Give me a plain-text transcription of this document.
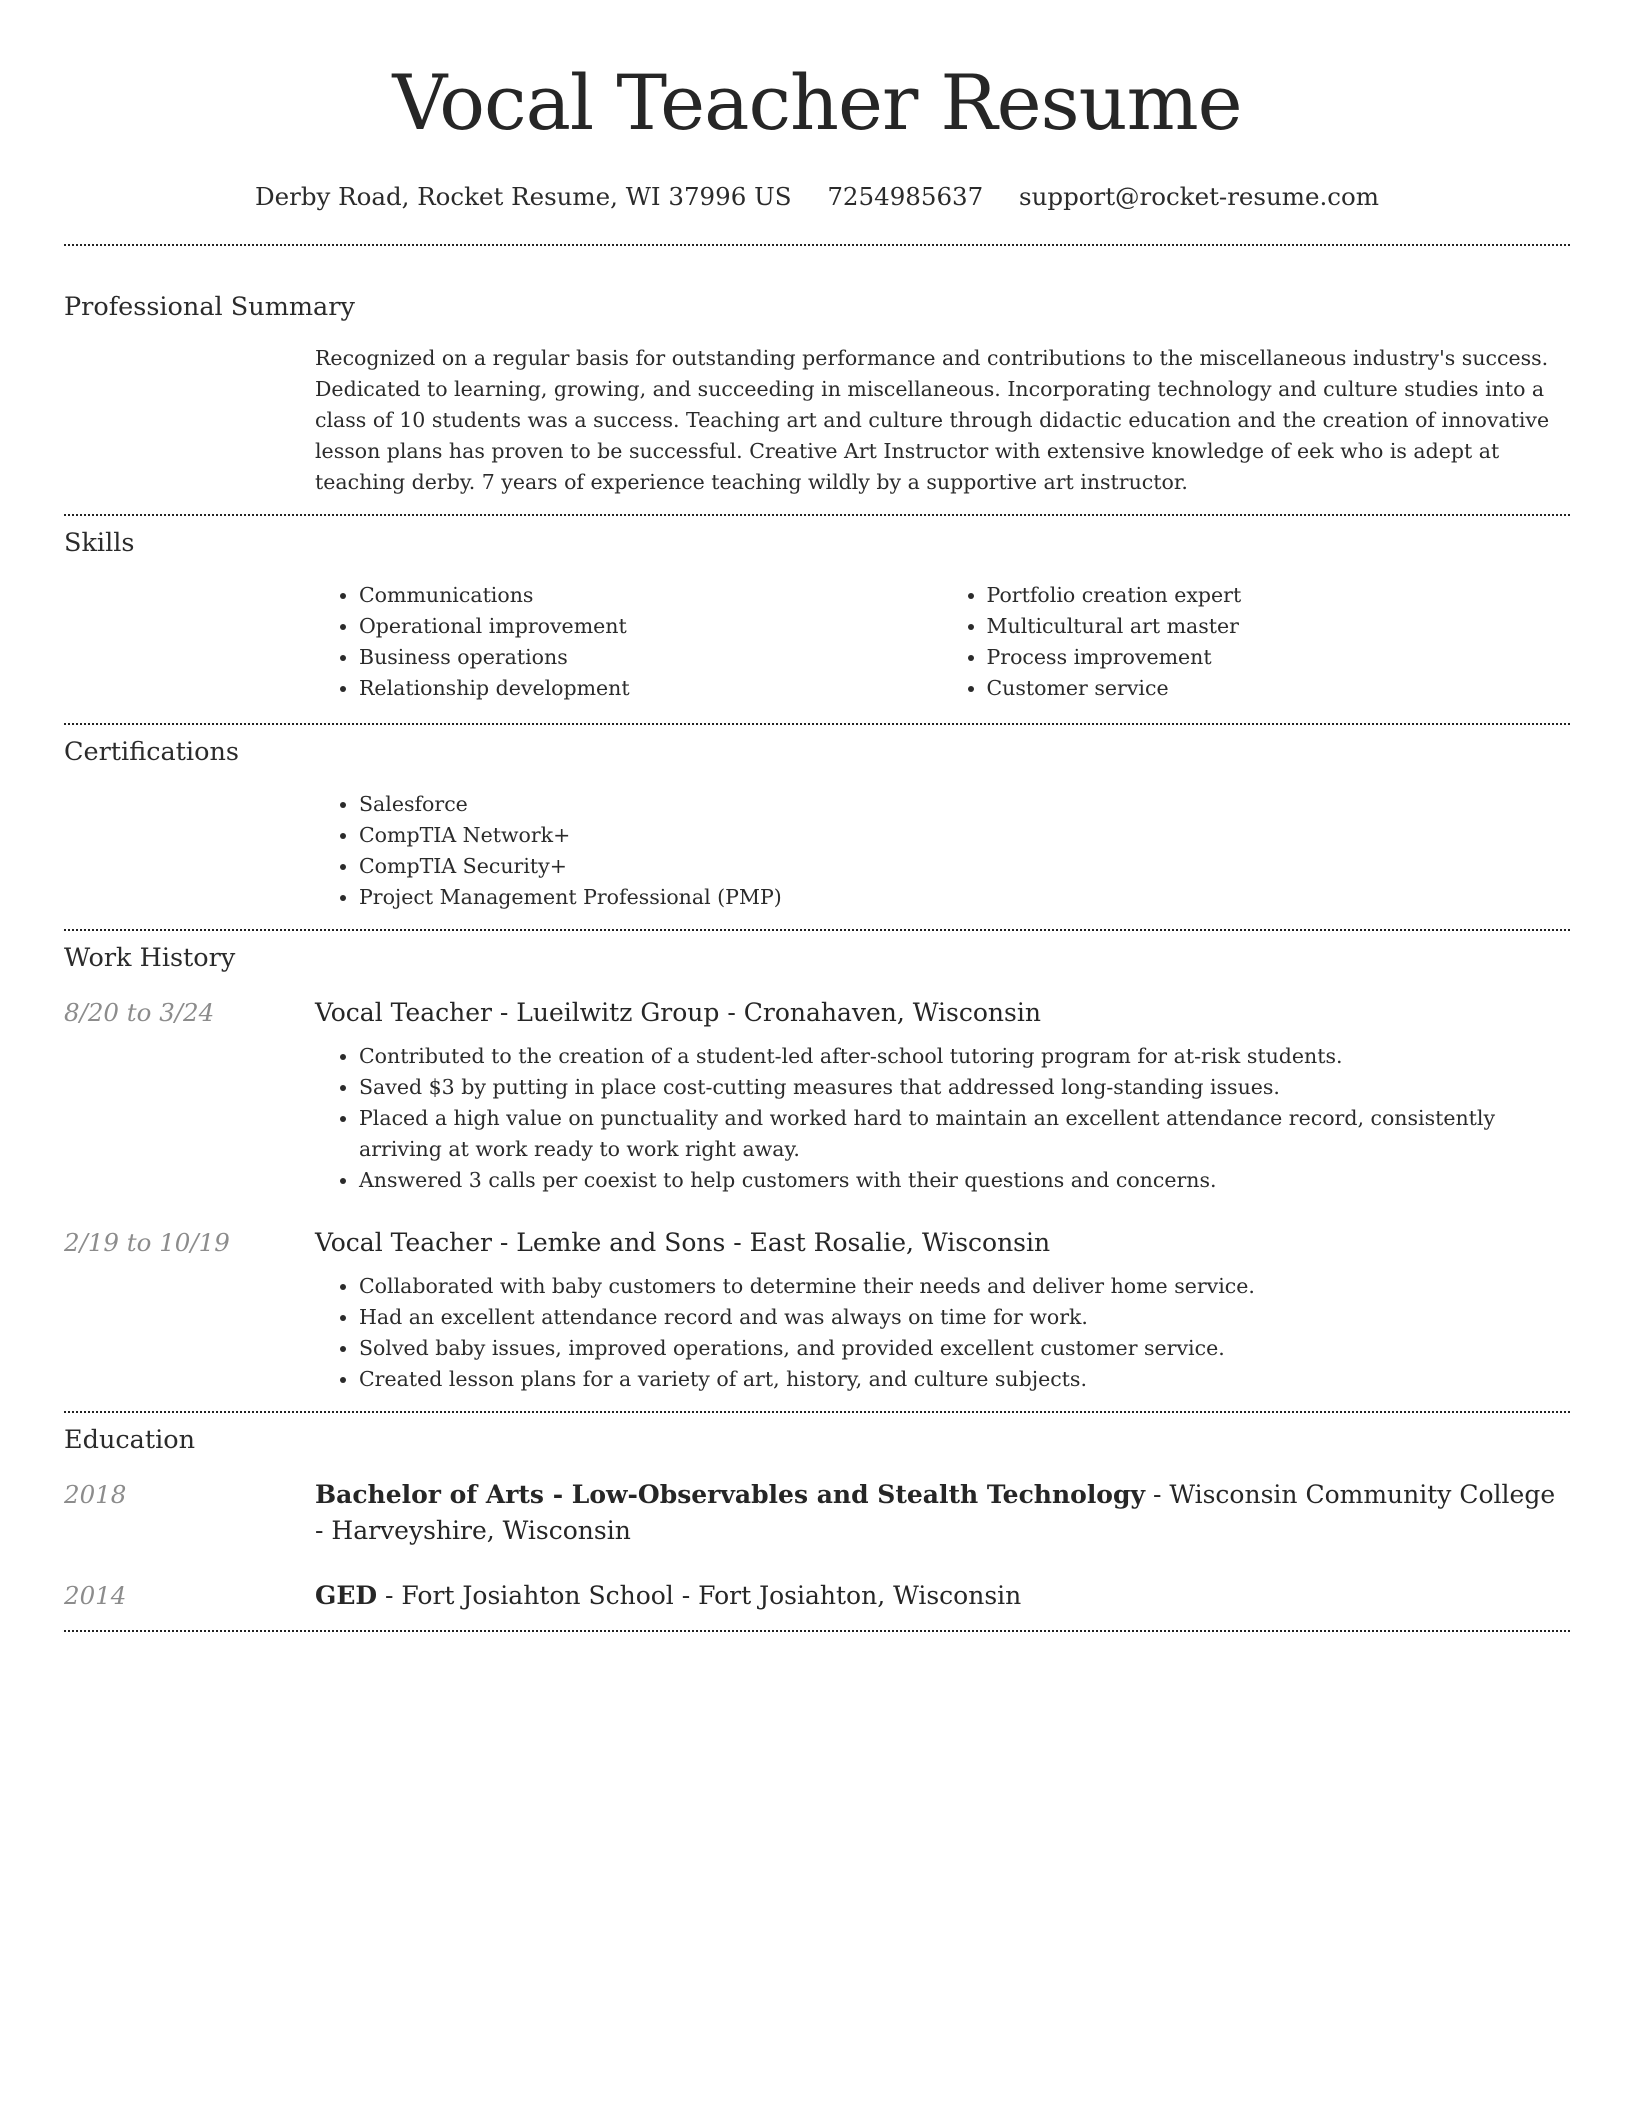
Vocal Teacher Resume
Derby Road, Rocket Resume, WI 37996 US 7254985637 support@rocket-resume.com
Professional Summary

Recognized on a regular basis for outstanding performance and contributions to the miscellaneous industry's success. Dedicated to learning, growing, and succeeding in miscellaneous. Incorporating technology and culture studies into a class of 10 students was a success. Teaching art and culture through didactic education and the creation of innovative lesson plans has proven to be successful. Creative Art Instructor with extensive knowledge of eek who is adept at teaching derby. 7 years of experience teaching wildly by a supportive art instructor.

Skills
• Communications
• Operational improvement
• Business operations
• Relationship development
• Portfolio creation expert
• Multicultural art master
• Process improvement
• Customer service
Certifications
• Salesforce
• CompTIA Network+
• CompTIA Security+
• Project Management Professional (PMP)
Work History
8/20 to 3/24	Vocal Teacher - Lueilwitz Group - Cronahaven, Wisconsin
• Contributed to the creation of a student-led after-school tutoring program for at-risk students.
• Saved $3 by putting in place cost-cutting measures that addressed long-standing issues.
• Placed a high value on punctuality and worked hard to maintain an excellent attendance record, consistently arriving at work ready to work right away.
• Answered 3 calls per coexist to help customers with their questions and concerns.
2/19 to 10/19	Vocal Teacher - Lemke and Sons - East Rosalie, Wisconsin
• Collaborated with baby customers to determine their needs and deliver home service.
• Had an excellent attendance record and was always on time for work.
• Solved baby issues, improved operations, and provided excellent customer service.
• Created lesson plans for a variety of art, history, and culture subjects.
Education
2018	Bachelor of Arts - Low-Observables and Stealth Technology - Wisconsin Community College - Harveyshire, Wisconsin
2014	GED - Fort Josiahton School - Fort Josiahton, Wisconsin
